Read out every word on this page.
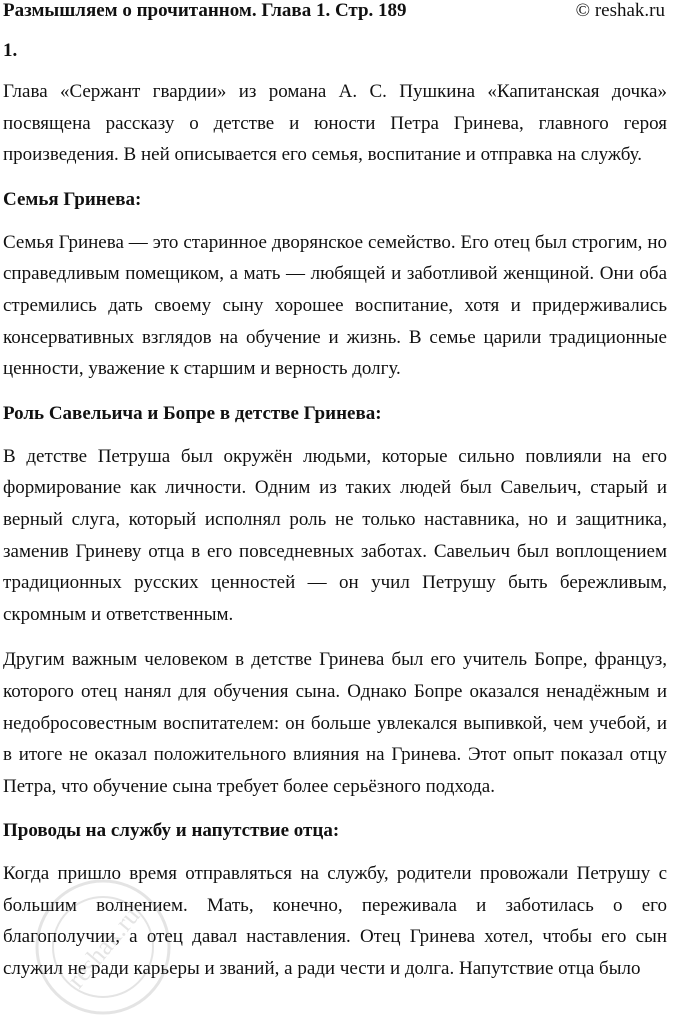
Размышляем о прочитанном. Глава 1. Стр. 189	© reshak.ru
1.

Глава «Сержант гвардии» из романа А. С. Пушкина «Капитанская дочка» посвящена рассказу о детстве и юности Петра Гринева, главного героя произведения. В ней описывается его семья, воспитание и отправка на службу.

Семья Гринева:

Семья Гринева — это старинное дворянское семейство. Его отец был строгим, но справедливым помещиком, а мать — любящей и заботливой женщиной. Они оба стремились дать своему сыну хорошее воспитание, хотя и придерживались консервативных взглядов на обучение и жизнь. В семье царили традиционные ценности, уважение к старшим и верность долгу.

Роль Савельича и Бопре в детстве Гринева:

В детстве Петруша был окружён людьми, которые сильно повлияли на его формирование как личности. Одним из таких людей был Савельич, старый и верный слуга, который исполнял роль не только наставника, но и защитника, заменив Гриневу отца в его повседневных заботах. Савельич был воплощением традиционных русских ценностей — он учил Петрушу быть бережливым, скромным и ответственным.

Другим важным человеком в детстве Гринева был его учитель Бопре, француз, которого отец нанял для обучения сына. Однако Бопре оказался ненадёжным и недобросовестным воспитателем: он больше увлекался выпивкой, чем учебой, и в итоге не оказал положительного влияния на Гринева. Этот опыт показал отцу Петра, что обучение сына требует более серьёзного подхода.

Проводы на службу и напутствие отца:

Когда пришло время отправляться на службу, родители провожали Петрушу с большим волнением. Мать, конечно, переживала и заботилась о его благополучии, а отец давал наставления. Отец Гринева хотел, чтобы его сын служил не ради карьеры и званий, а ради чести и долга. Напутствие отца было

reshak.ru
